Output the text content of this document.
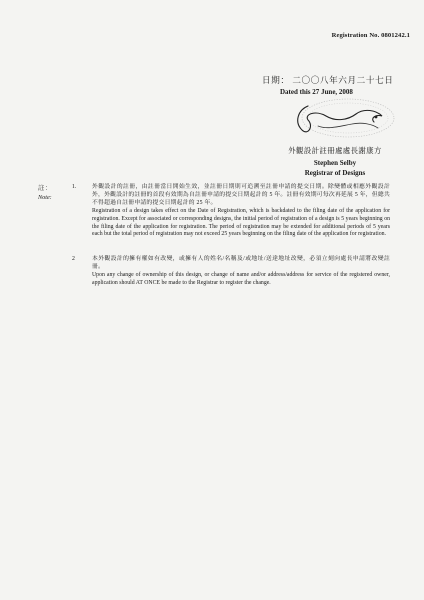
Registration No. 0801242.1
日期： 二〇〇八年六月二十七日
Dated this 27 June, 2008
外觀設計註冊處處長謝康方
Stephen Selby
Registrar of Designs
註：
Note:
1.	外觀設計的註冊，由註冊當日開始生效，並註冊日期則可追溯至註冊申請的提交日期。除變體或相應外觀設計外，外觀設計的註冊的首段有效期為自註冊申請的提交日期起計的 5 年。註冊有效期可每次再延展 5 年，但總共不得超過自註冊申請的提交日期起計的 25 年。
Registration of a design takes effect on the Date of Registration, which is backdated to the filing date of the application for registration. Except for associated or corresponding designs, the initial period of registration of a design is 5 years beginning on the filing date of the application for registration. The period of registration may be extended for additional periods of 5 years each but the total period of registration may not exceed 25 years beginning on the filing date of the application for registration.
2	本外觀設計的擁有權如有改變，或擁有人的姓名/名稱及/或地址/送達地址改變，必須立刻向處長申請將改變註冊。
Upon any change of ownership of this design, or change of name and/or address/address for service of the registered owner, application should AT ONCE be made to the Registrar to register the change.
